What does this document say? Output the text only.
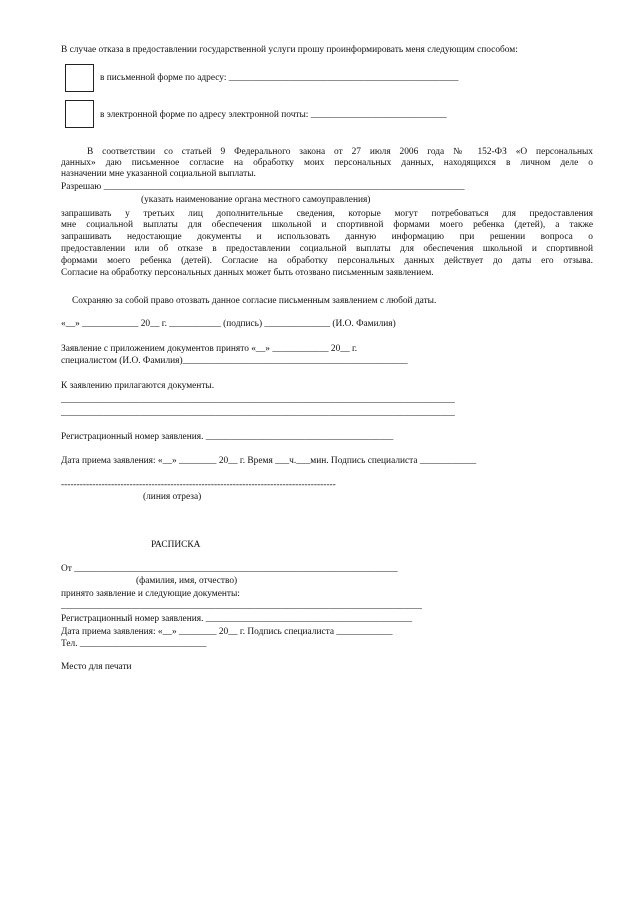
В случае отказа в предоставлении государственной услуги прошу проинформировать меня следующим способом:
в письменной форме по адресу: _________________________________________________
в электронной форме по адресу электронной почты: _____________________________
В соответствии со статьей 9 Федерального закона от 27 июля 2006 года № 152-ФЗ «О персональных
данных» даю письменное согласие на обработку моих персональных данных, находящихся в личном деле о
назначении мне указанной социальной выплаты.
Разрешаю _____________________________________________________________________________
(указать наименование органа местного самоуправления)
запрашивать у третьих лиц дополнительные сведения, которые могут потребоваться для предоставления
мне социальной выплаты для обеспечения школьной и спортивной формами моего ребенка (детей), а также
запрашивать недостающие документы и использовать данную информацию при решении вопроса о
предоставлении или об отказе в предоставлении социальной выплаты для обеспечения школьной и спортивной
формами моего ребенка (детей). Согласие на обработку персональных данных действует до даты его отзыва.
Согласие на обработку персональных данных может быть отозвано письменным заявлением.
Сохраняю за собой право отозвать данное согласие письменным заявлением с любой даты.
«__» ____________ 20__ г. ___________ (подпись) ______________ (И.О. Фамилия)
Заявление с приложением документов принято «__» ____________ 20__ г.
специалистом (И.О. Фамилия)________________________________________________
К заявлению прилагаются документы.
____________________________________________________________________________________
____________________________________________________________________________________
Регистрационный номер заявления. ________________________________________
Дата приема заявления: «__» ________ 20__ г. Время ___ч.___мин. Подпись специалиста ____________
----------------------------------------------------------------------------------------
(линия отреза)
РАСПИСКА
От _____________________________________________________________________
(фамилия, имя, отчество)
принято заявление и следующие документы:
_____________________________________________________________________________
Регистрационный номер заявления. ____________________________________________
Дата приема заявления: «__» ________ 20__ г. Подпись специалиста ____________
Тел. ___________________________
Место для печати
